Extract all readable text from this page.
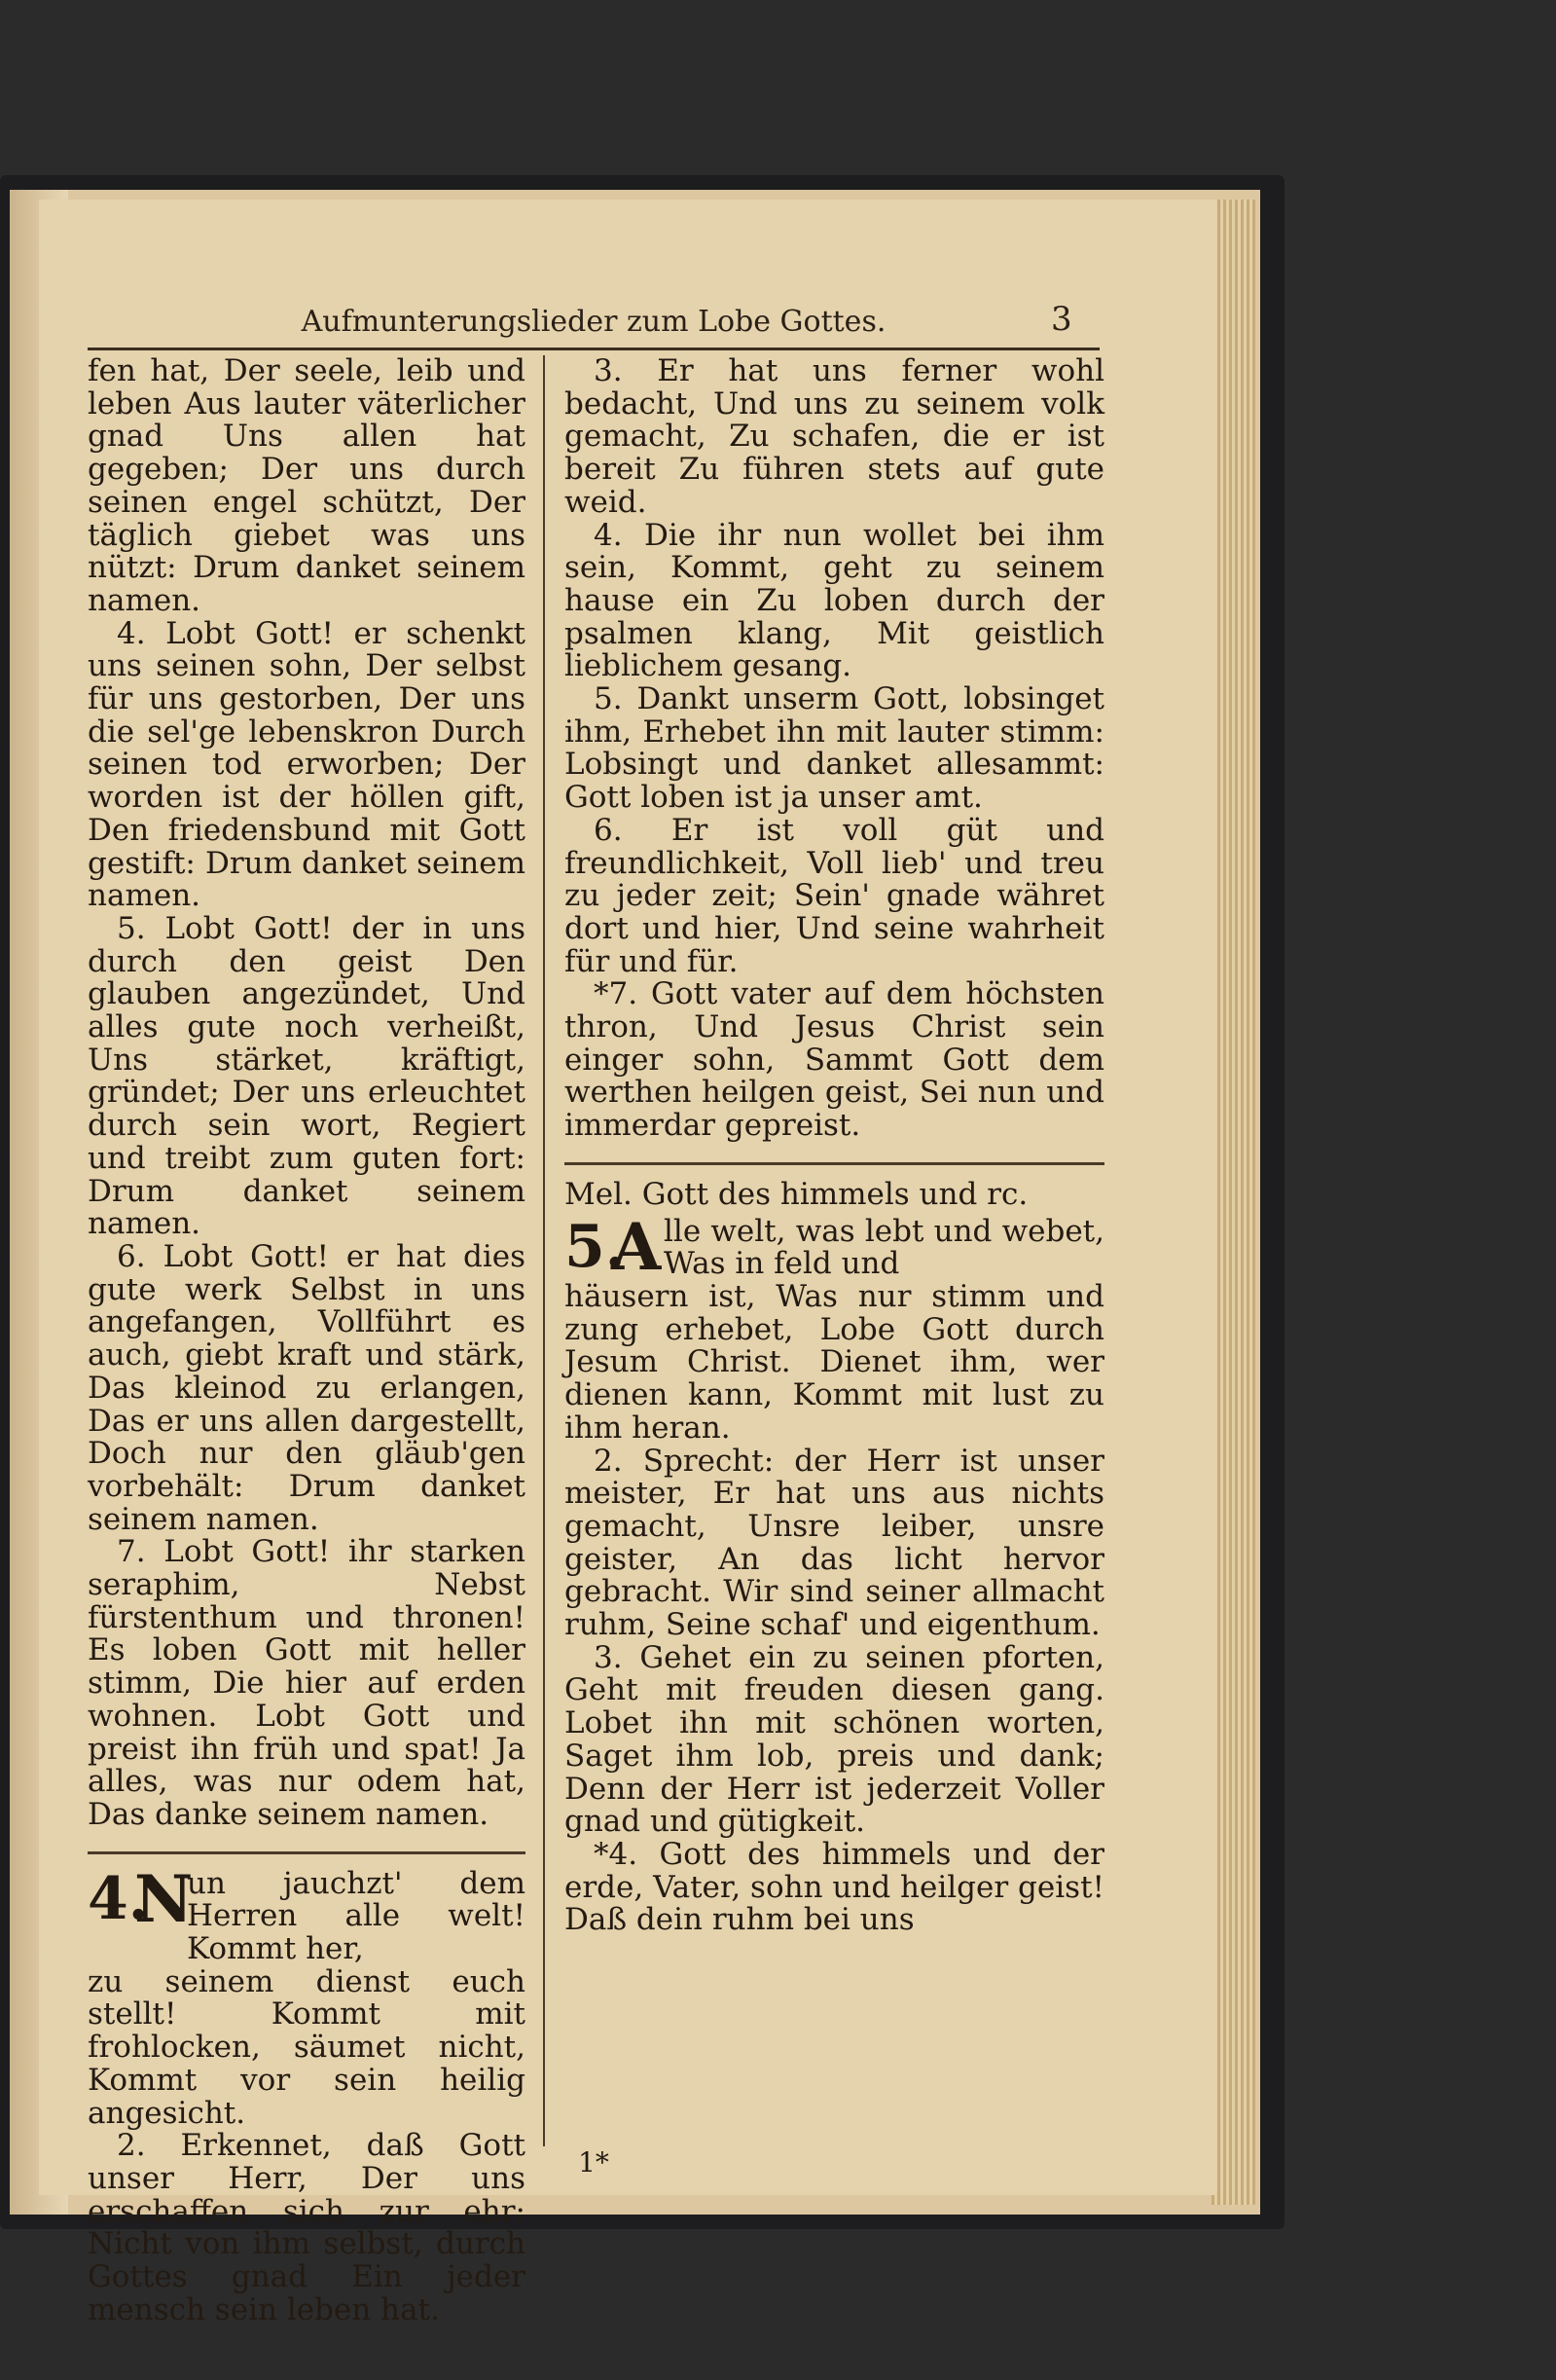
Aufmunterungslieder zum Lobe Gottes.	3

fen hat, Der seele, leib und leben Aus lauter väterlicher gnad Uns allen hat gegeben; Der uns durch seinen engel schützt, Der täglich giebet was uns nützt: Drum danket seinem namen.

4. Lobt Gott! er schenkt uns seinen sohn, Der selbst für uns gestorben, Der uns die sel'ge lebenskron Durch seinen tod erworben; Der worden ist der höllen gift, Den friedensbund mit Gott gestift: Drum danket seinem namen.

5. Lobt Gott! der in uns durch den geist Den glauben angezündet, Und alles gute noch verheißt, Uns stärket, kräftigt, gründet; Der uns erleuchtet durch sein wort, Regiert und treibt zum guten fort: Drum danket seinem namen.

6. Lobt Gott! er hat dies gute werk Selbst in uns angefangen, Vollführt es auch, giebt kraft und stärk, Das kleinod zu erlangen, Das er uns allen dargestellt, Doch nur den gläub'gen vorbehält: Drum danket seinem namen.

7. Lobt Gott! ihr starken seraphim, Nebst fürstenthum und thronen! Es loben Gott mit heller stimm, Die hier auf erden wohnen. Lobt Gott und preist ihn früh und spat! Ja alles, was nur odem hat, Das danke seinem namen.

4.
N
un jauchzt' dem Herren alle welt! Kommt her,

zu seinem dienst euch stellt! Kommt mit frohlocken, säumet nicht, Kommt vor sein heilig angesicht.

2. Erkennet, daß Gott unser Herr, Der uns erschaffen sich zur ehr: Nicht von ihm selbst, durch Gottes gnad Ein jeder mensch sein leben hat.

3. Er hat uns ferner wohl bedacht, Und uns zu seinem volk gemacht, Zu schafen, die er ist bereit Zu führen stets auf gute weid.

4. Die ihr nun wollet bei ihm sein, Kommt, geht zu seinem hause ein Zu loben durch der psalmen klang, Mit geistlich lieblichem gesang.

5. Dankt unserm Gott, lobsinget ihm, Erhebet ihn mit lauter stimm: Lobsingt und danket allesammt: Gott loben ist ja unser amt.

6. Er ist voll güt und freundlichkeit, Voll lieb' und treu zu jeder zeit; Sein' gnade währet dort und hier, Und seine wahrheit für und für.

*7. Gott vater auf dem höchsten thron, Und Jesus Christ sein einger sohn, Sammt Gott dem werthen heilgen geist, Sei nun und immerdar gepreist.

Mel. Gott des himmels und rc.

5.
A lle welt, was lebt und webet, Was in feld und

häusern ist, Was nur stimm und zung erhebet, Lobe Gott durch Jesum Christ. Dienet ihm, wer dienen kann, Kommt mit lust zu ihm heran.

2. Sprecht: der Herr ist unser meister, Er hat uns aus nichts gemacht, Unsre leiber, unsre geister, An das licht hervor gebracht. Wir sind seiner allmacht ruhm, Seine schaf' und eigenthum.

3. Gehet ein zu seinen pforten, Geht mit freuden diesen gang. Lobet ihn mit schönen worten, Saget ihm lob, preis und dank; Denn der Herr ist jederzeit Voller gnad und gütigkeit.

*4. Gott des himmels und der erde, Vater, sohn und heilger geist! Daß dein ruhm bei uns

1*
